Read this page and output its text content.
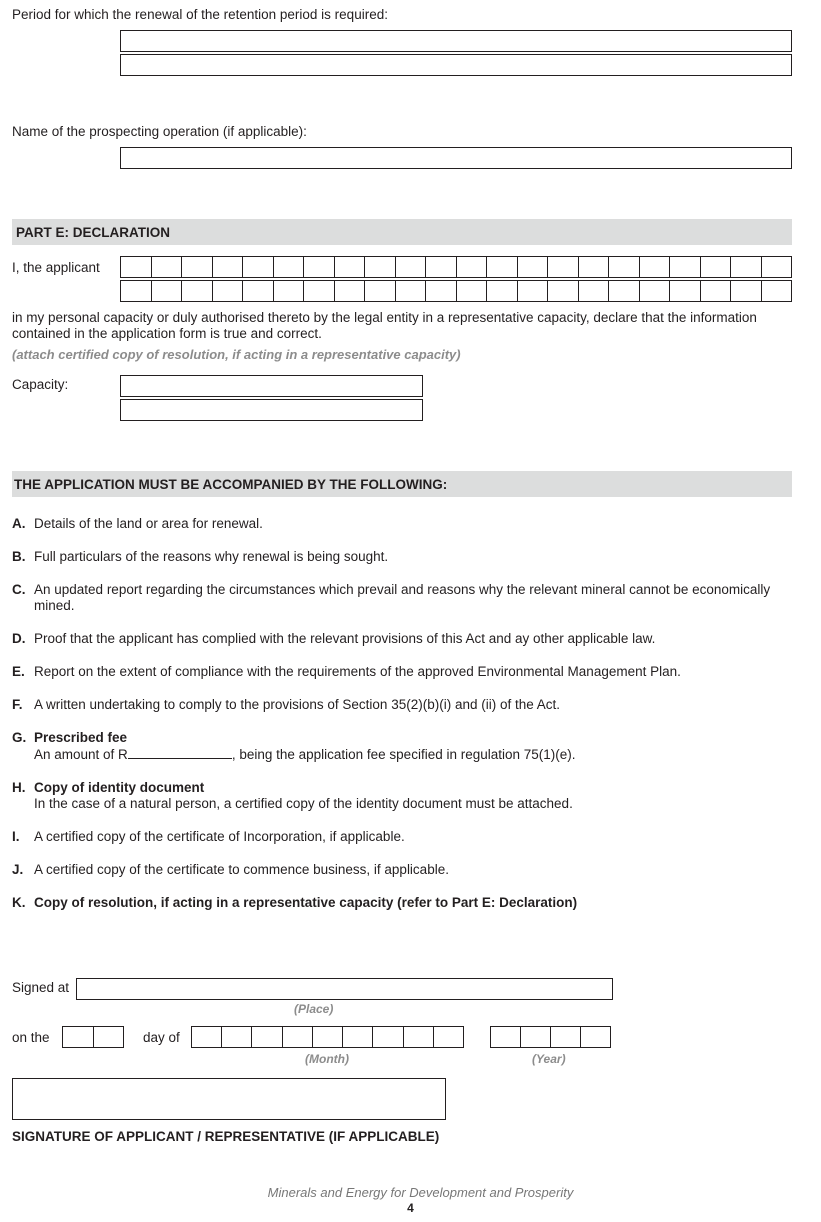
Period for which the renewal of the retention period is required:
Name of the prospecting operation (if applicable):
PART E: DECLARATION
I, the applicant
in my personal capacity or duly authorised thereto by the legal entity in a representative capacity, declare that the information
contained in the application form is true and correct.
(attach certified copy of resolution, if acting in a representative capacity)
Capacity:
THE APPLICATION MUST BE ACCOMPANIED BY THE FOLLOWING:
A. Details of the land or area for renewal.
B. Full particulars of the reasons why renewal is being sought.
C. An updated report regarding the circumstances which prevail and reasons why the relevant mineral cannot be economically
mined.
D. Proof that the applicant has complied with the relevant provisions of this Act and ay other applicable law.
E. Report on the extent of compliance with the requirements of the approved Environmental Management Plan.
F. A written undertaking to comply to the provisions of Section 35(2)(b)(i) and (ii) of the Act.
G. Prescribed fee
An amount of R	, being the application fee specified in regulation 75(1)(e).
H. Copy of identity document
In the case of a natural person, a certified copy of the identity document must be attached.
I. A certified copy of the certificate of Incorporation, if applicable.
J. A certified copy of the certificate to commence business, if applicable.
K. Copy of resolution, if acting in a representative capacity (refer to Part E: Declaration)
Signed at
(Place)
on the	day of
(Month)	(Year)
SIGNATURE OF APPLICANT / REPRESENTATIVE (IF APPLICABLE)
Minerals and Energy for Development and Prosperity
4
